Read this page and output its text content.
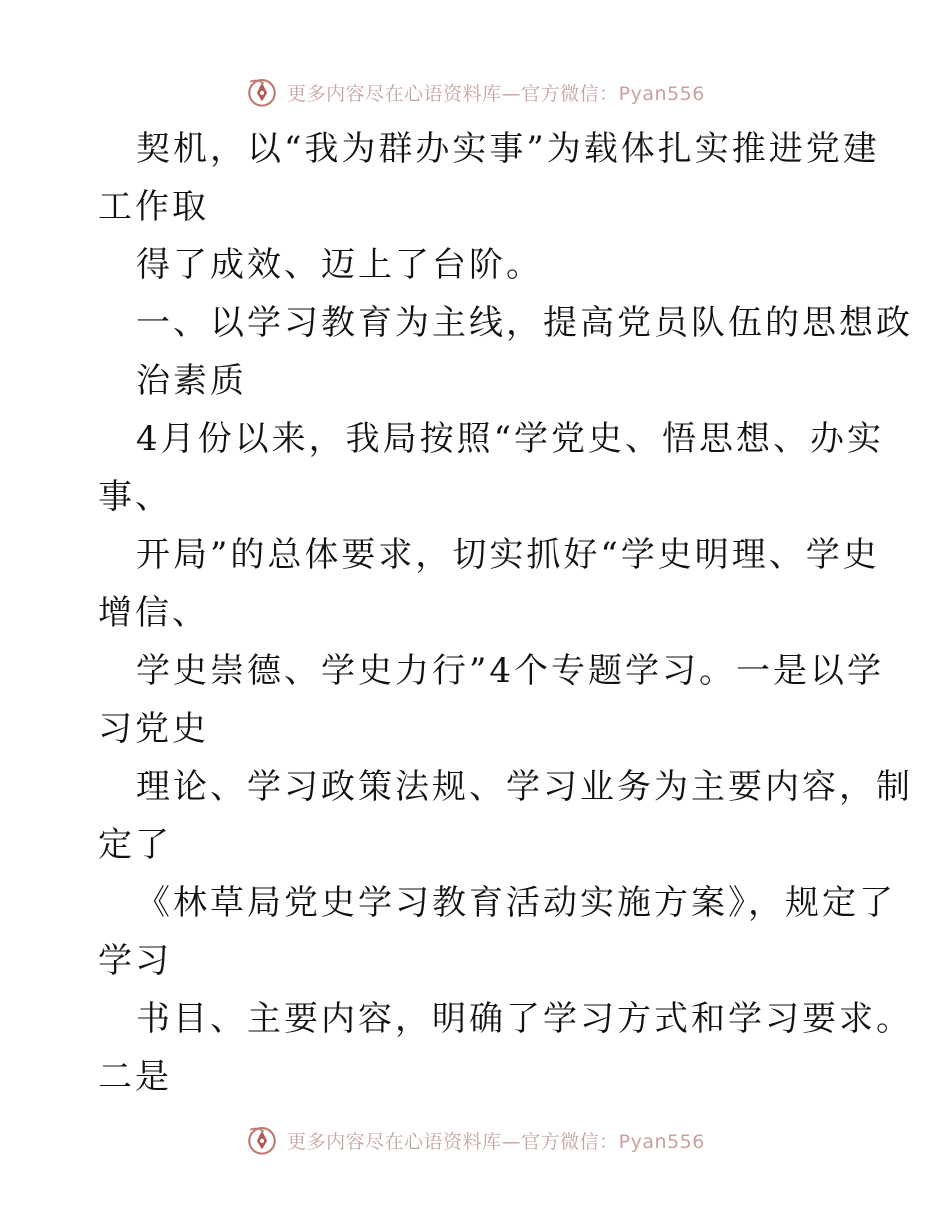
更多内容尽在心语资料库—官方微信：Pyan556
契机，以“我为群办实事”为载体扎实推进党建
工作取
得了成效、迈上了台阶。
一、以学习教育为主线，提高党员队伍的思想政
治素质
4月份以来，我局按照“学党史、悟思想、办实
事、
开局”的总体要求，切实抓好“学史明理、学史
增信、
学史崇德、学史力行”4个专题学习。一是以学
习党史
理论、学习政策法规、学习业务为主要内容，制
定了
《林草局党史学习教育活动实施方案》，规定了
学习
书目、主要内容，明确了学习方式和学习要求。
二是
更多内容尽在心语资料库—官方微信：Pyan556
